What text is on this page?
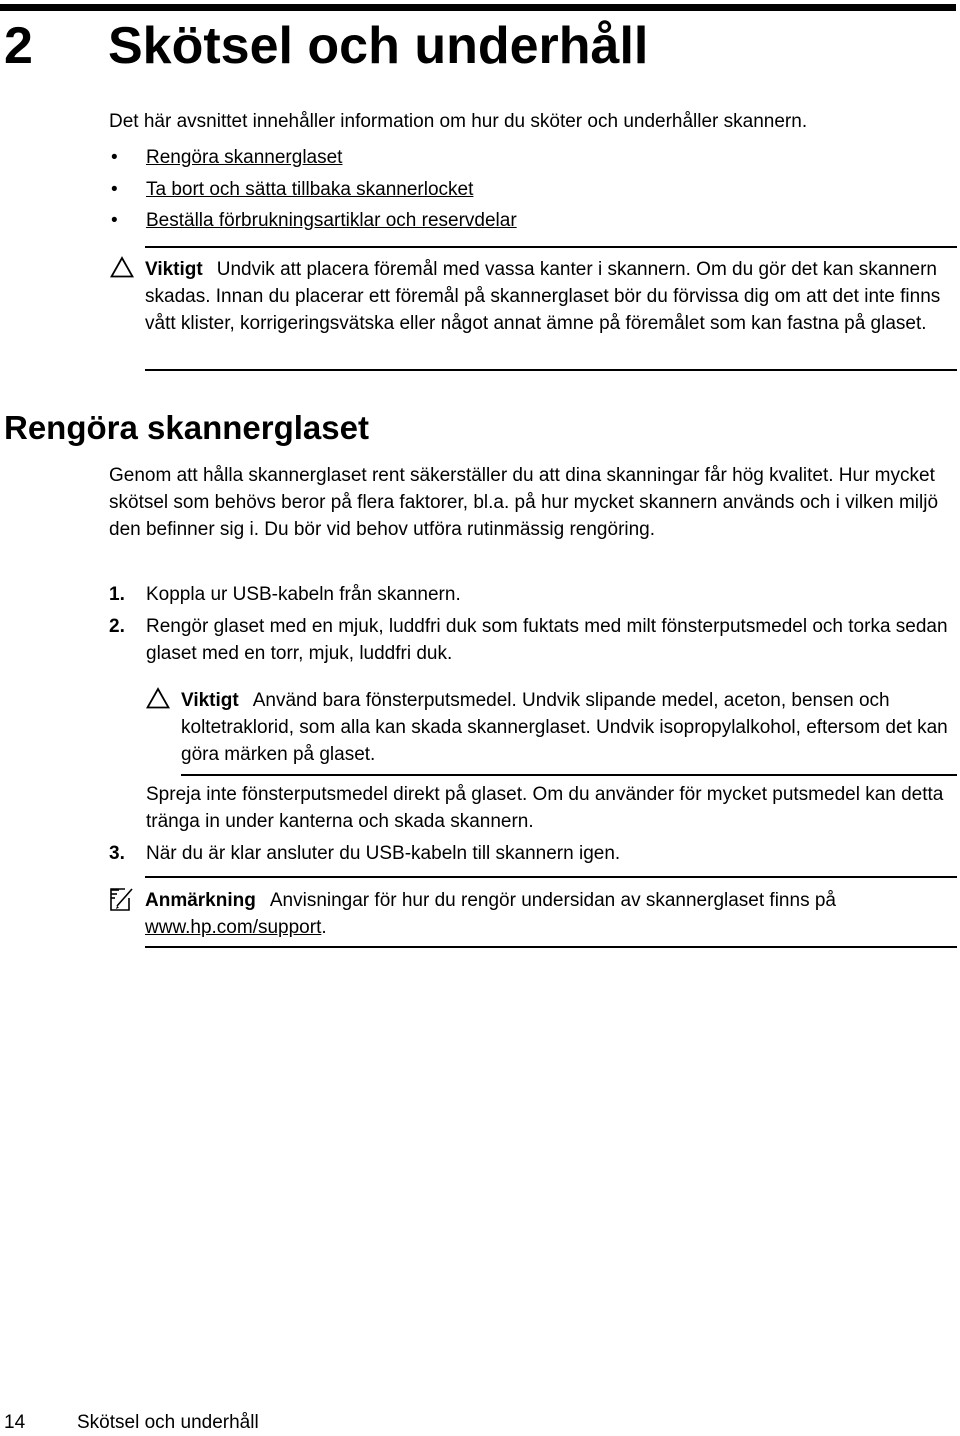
2 Skötsel och underhåll

Det här avsnittet innehåller information om hur du sköter och underhåller skannern.

• Rengöra skannerglaset
• Ta bort och sätta tillbaka skannerlocket
• Beställa förbrukningsartiklar och reservdelar

Viktigt Undvik att placera föremål med vassa kanter i skannern. Om du gör det kan skannern skadas. Innan du placerar ett föremål på skannerglaset bör du förvissa dig om att det inte finns vått klister, korrigeringsvätska eller något annat ämne på föremålet som kan fastna på glaset.

Rengöra skannerglaset

Genom att hålla skannerglaset rent säkerställer du att dina skanningar får hög kvalitet. Hur mycket skötsel som behövs beror på flera faktorer, bl.a. på hur mycket skannern används och i vilken miljö den befinner sig i. Du bör vid behov utföra rutinmässig rengöring.

1. Koppla ur USB-kabeln från skannern.

2. Rengör glaset med en mjuk, luddfri duk som fuktats med milt fönsterputsmedel och torka sedan glaset med en torr, mjuk, luddfri duk.

Viktigt Använd bara fönsterputsmedel. Undvik slipande medel, aceton, bensen och koltetraklorid, som alla kan skada skannerglaset. Undvik isopropylalkohol, eftersom det kan göra märken på glaset.

Spreja inte fönsterputsmedel direkt på glaset. Om du använder för mycket putsmedel kan detta tränga in under kanterna och skada skannern.

3. När du är klar ansluter du USB-kabeln till skannern igen.

Anmärkning Anvisningar för hur du rengör undersidan av skannerglaset finns på www.hp.com/support.

14	Skötsel och underhåll
